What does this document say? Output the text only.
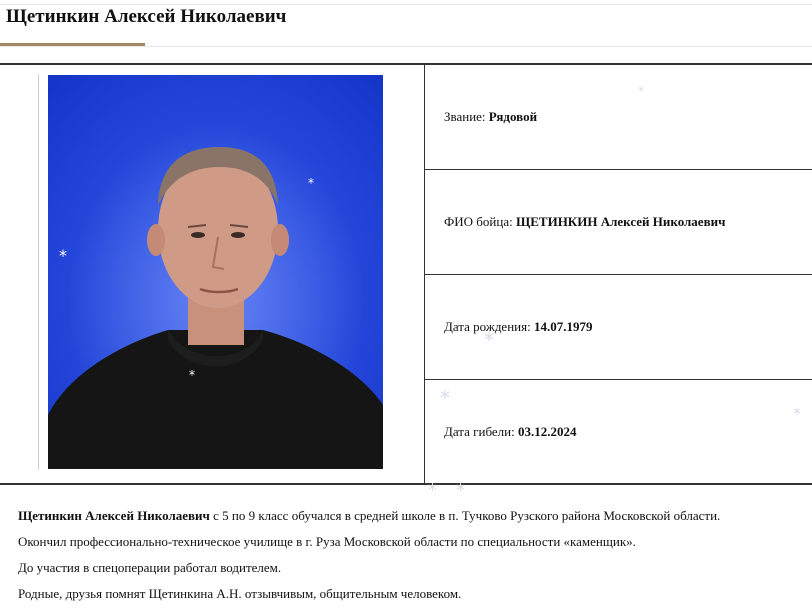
Щетинкин Алексей Николаевич
*
*
*
Звание: Рядовой
ФИО бойца: ЩЕТИНКИН Алексей Николаевич
Дата рождения: 14.07.1979
Дата гибели: 03.12.2024
*
*
*
*
* *

Щетинкин Алексей Николаевич с 5 по 9 класс обучался в средней школе в п. Тучково Рузского района Московской области.

Окончил профессионально-техническое училище в г. Руза Московской области по специальности «каменщик».

До участия в спецоперации работал водителем.

Родные, друзья помнят Щетинкина А.Н. отзывчивым, общительным человеком.
